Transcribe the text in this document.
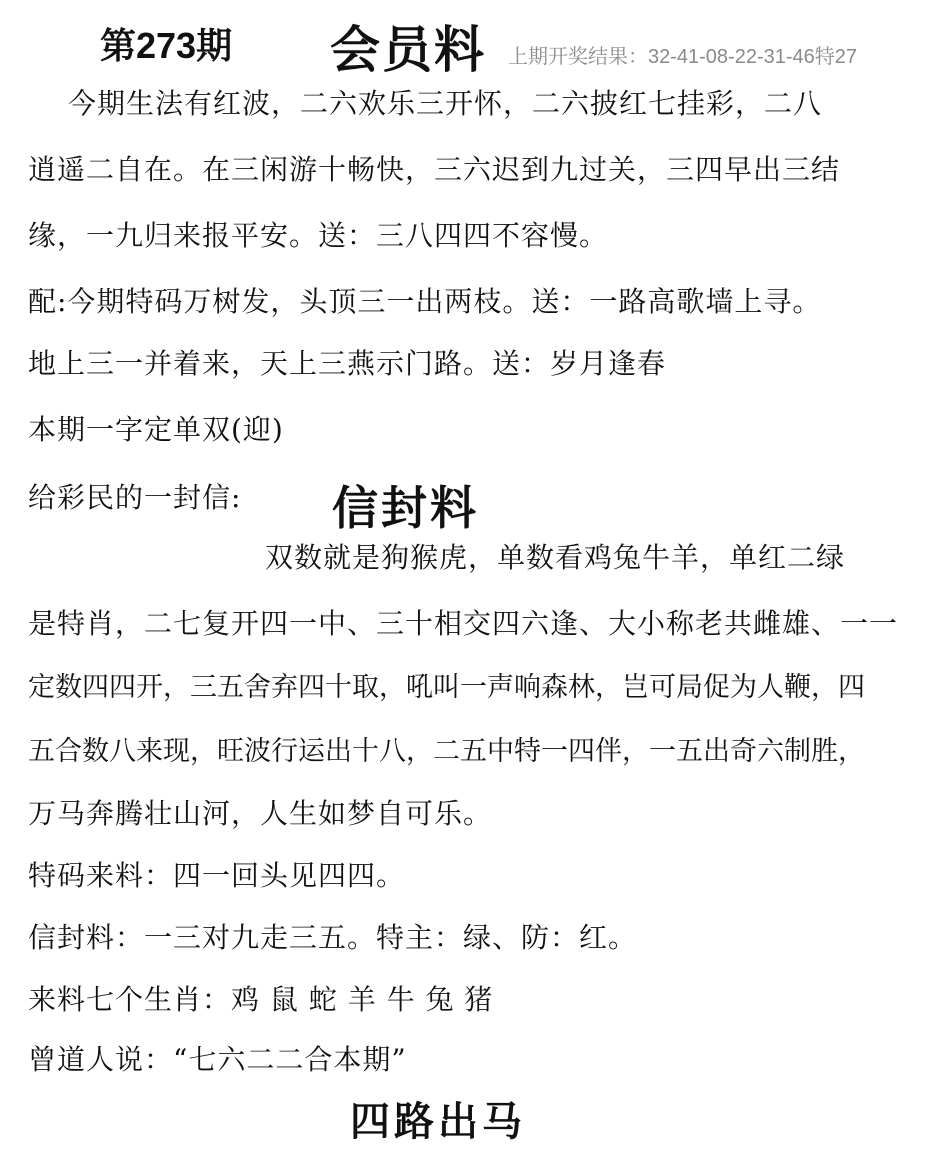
第273期 会员料 上期开奖结果：32-41-08-22-31-46特27
今期生法有红波，二六欢乐三开怀，二六披红七挂彩，二八
逍遥二自在。在三闲游十畅快，三六迟到九过关，三四早出三结
缘，一九归来报平安。送：三八四四不容慢。
配:今期特码万树发，头顶三一出两枝。送：一路高歌墙上寻。
地上三一并着来，天上三燕示门路。送：岁月逢春
本期一字定单双(迎)
给彩民的一封信: 信封料
双数就是狗猴虎，单数看鸡兔牛羊，单红二绿
是特肖，二七复开四一中、三十相交四六逢、大小称老共雌雄、一一
定数四四开，三五舍弃四十取，吼叫一声响森林，岂可局促为人鞭，四
五合数八来现，旺波行运出十八，二五中特一四伴，一五出奇六制胜，
万马奔腾壮山河，人生如梦自可乐。
特码来料：四一回头见四四。
信封料：一三对九走三五。特主：绿、防：红。
来料七个生肖：鸡 鼠 蛇 羊 牛 兔 猪
曾道人说：“七六二二合本期”
四路出马
